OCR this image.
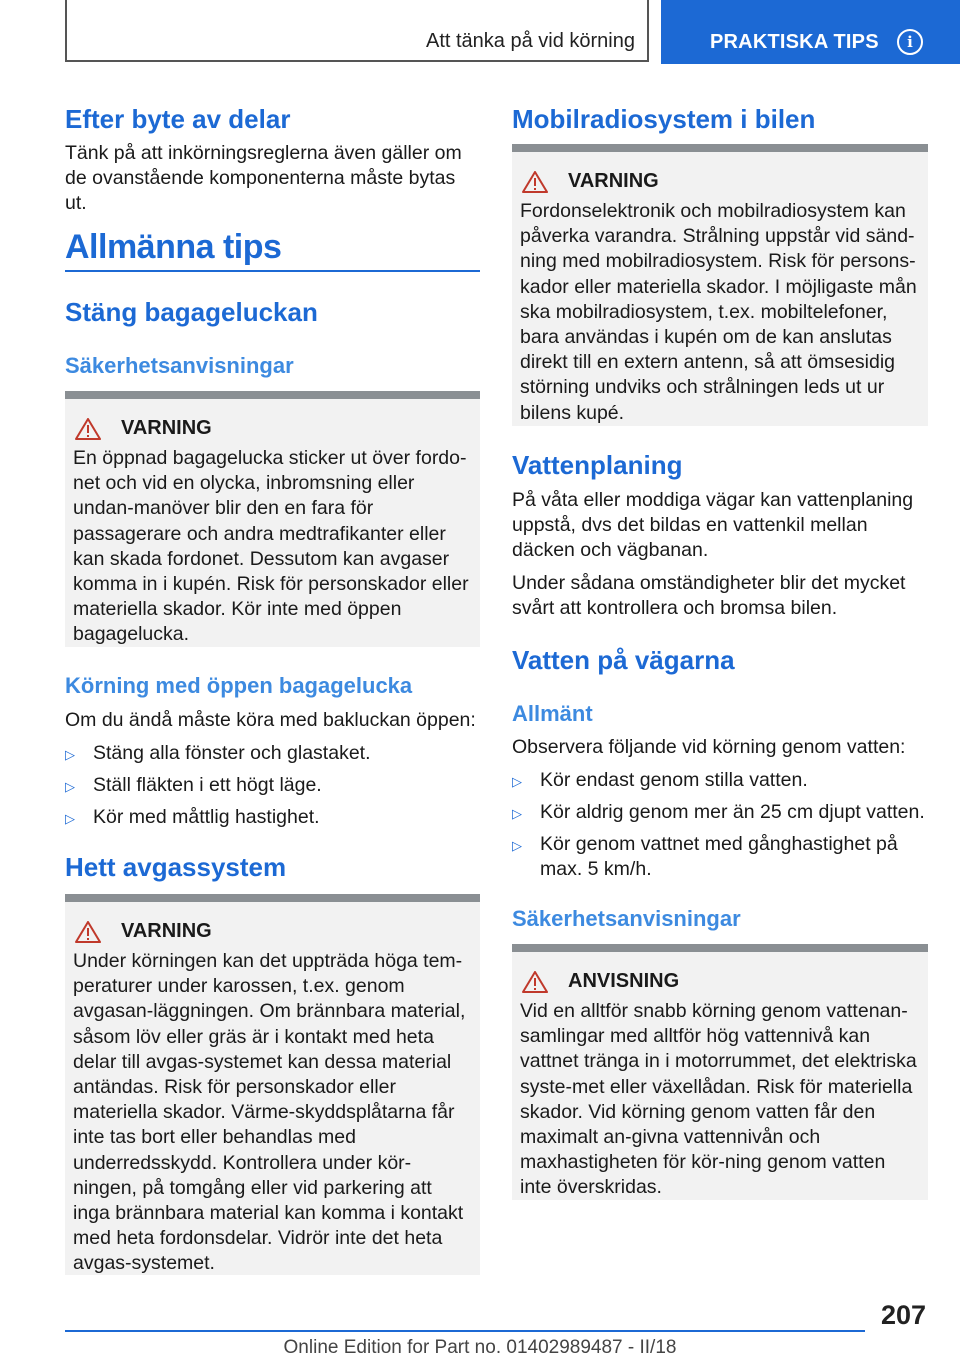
Att tänka på vid körning	PRAKTISKA TIPS	i
Efter byte av delar

Tänk på att inkörningsreglerna även gäller om de ovanstående komponenterna måste bytas ut.

Allmänna tips
Stäng bagageluckan
Säkerhetsanvisningar
VARNING
En öppnad bagagelucka sticker ut över fordo-net och vid en olycka, inbromsning eller undan-manöver blir den en fara för passagerare och andra medtrafikanter eller kan skada fordonet. Dessutom kan avgaser komma in i kupén. Risk för personskador eller materiella skador. Kör inte med öppen bagagelucka.
Körning med öppen bagagelucka

Om du ändå måste köra med bakluckan öppen:

▷ Stäng alla fönster och glastaket.
▷ Ställ fläkten i ett högt läge.
▷ Kör med måttlig hastighet.
Hett avgassystem
VARNING
Under körningen kan det uppträda höga tem-peraturer under karossen, t.ex. genom avgasan-läggningen. Om brännbara material, såsom löv eller gräs är i kontakt med heta delar till avgas-systemet kan dessa material antändas. Risk för personskador eller materiella skador. Värme-skyddsplåtarna får inte tas bort eller behandlas med underredsskydd. Kontrollera under kör-ningen, på tomgång eller vid parkering att inga brännbara material kan komma i kontakt med heta fordonsdelar. Vidrör inte det heta avgas-systemet.
Mobilradiosystem i bilen
VARNING
Fordonselektronik och mobilradiosystem kan påverka varandra. Strålning uppstår vid sänd-ning med mobilradiosystem. Risk för persons-kador eller materiella skador. I möjligaste mån ska mobilradiosystem, t.ex. mobiltelefoner, bara användas i kupén om de kan anslutas direkt till en extern antenn, så att ömsesidig störning undviks och strålningen leds ut ur bilens kupé.
Vattenplaning

På våta eller moddiga vägar kan vattenplaning uppstå, dvs det bildas en vattenkil mellan däcken och vägbanan.

Under sådana omständigheter blir det mycket svårt att kontrollera och bromsa bilen.

Vatten på vägarna
Allmänt

Observera följande vid körning genom vatten:

▷ Kör endast genom stilla vatten.
▷ Kör aldrig genom mer än 25 cm djupt vatten.
▷ Kör genom vattnet med gånghastighet på max. 5 km/h.
Säkerhetsanvisningar
ANVISNING
Vid en alltför snabb körning genom vattenan-samlingar med alltför hög vattennivå kan vattnet tränga in i motorrummet, det elektriska syste-met eller växellådan. Risk för materiella skador. Vid körning genom vatten får den maximalt an-givna vattennivån och maxhastigheten för kör-ning genom vatten inte överskridas.
207
Online Edition for Part no. 01402989487 - II/18
